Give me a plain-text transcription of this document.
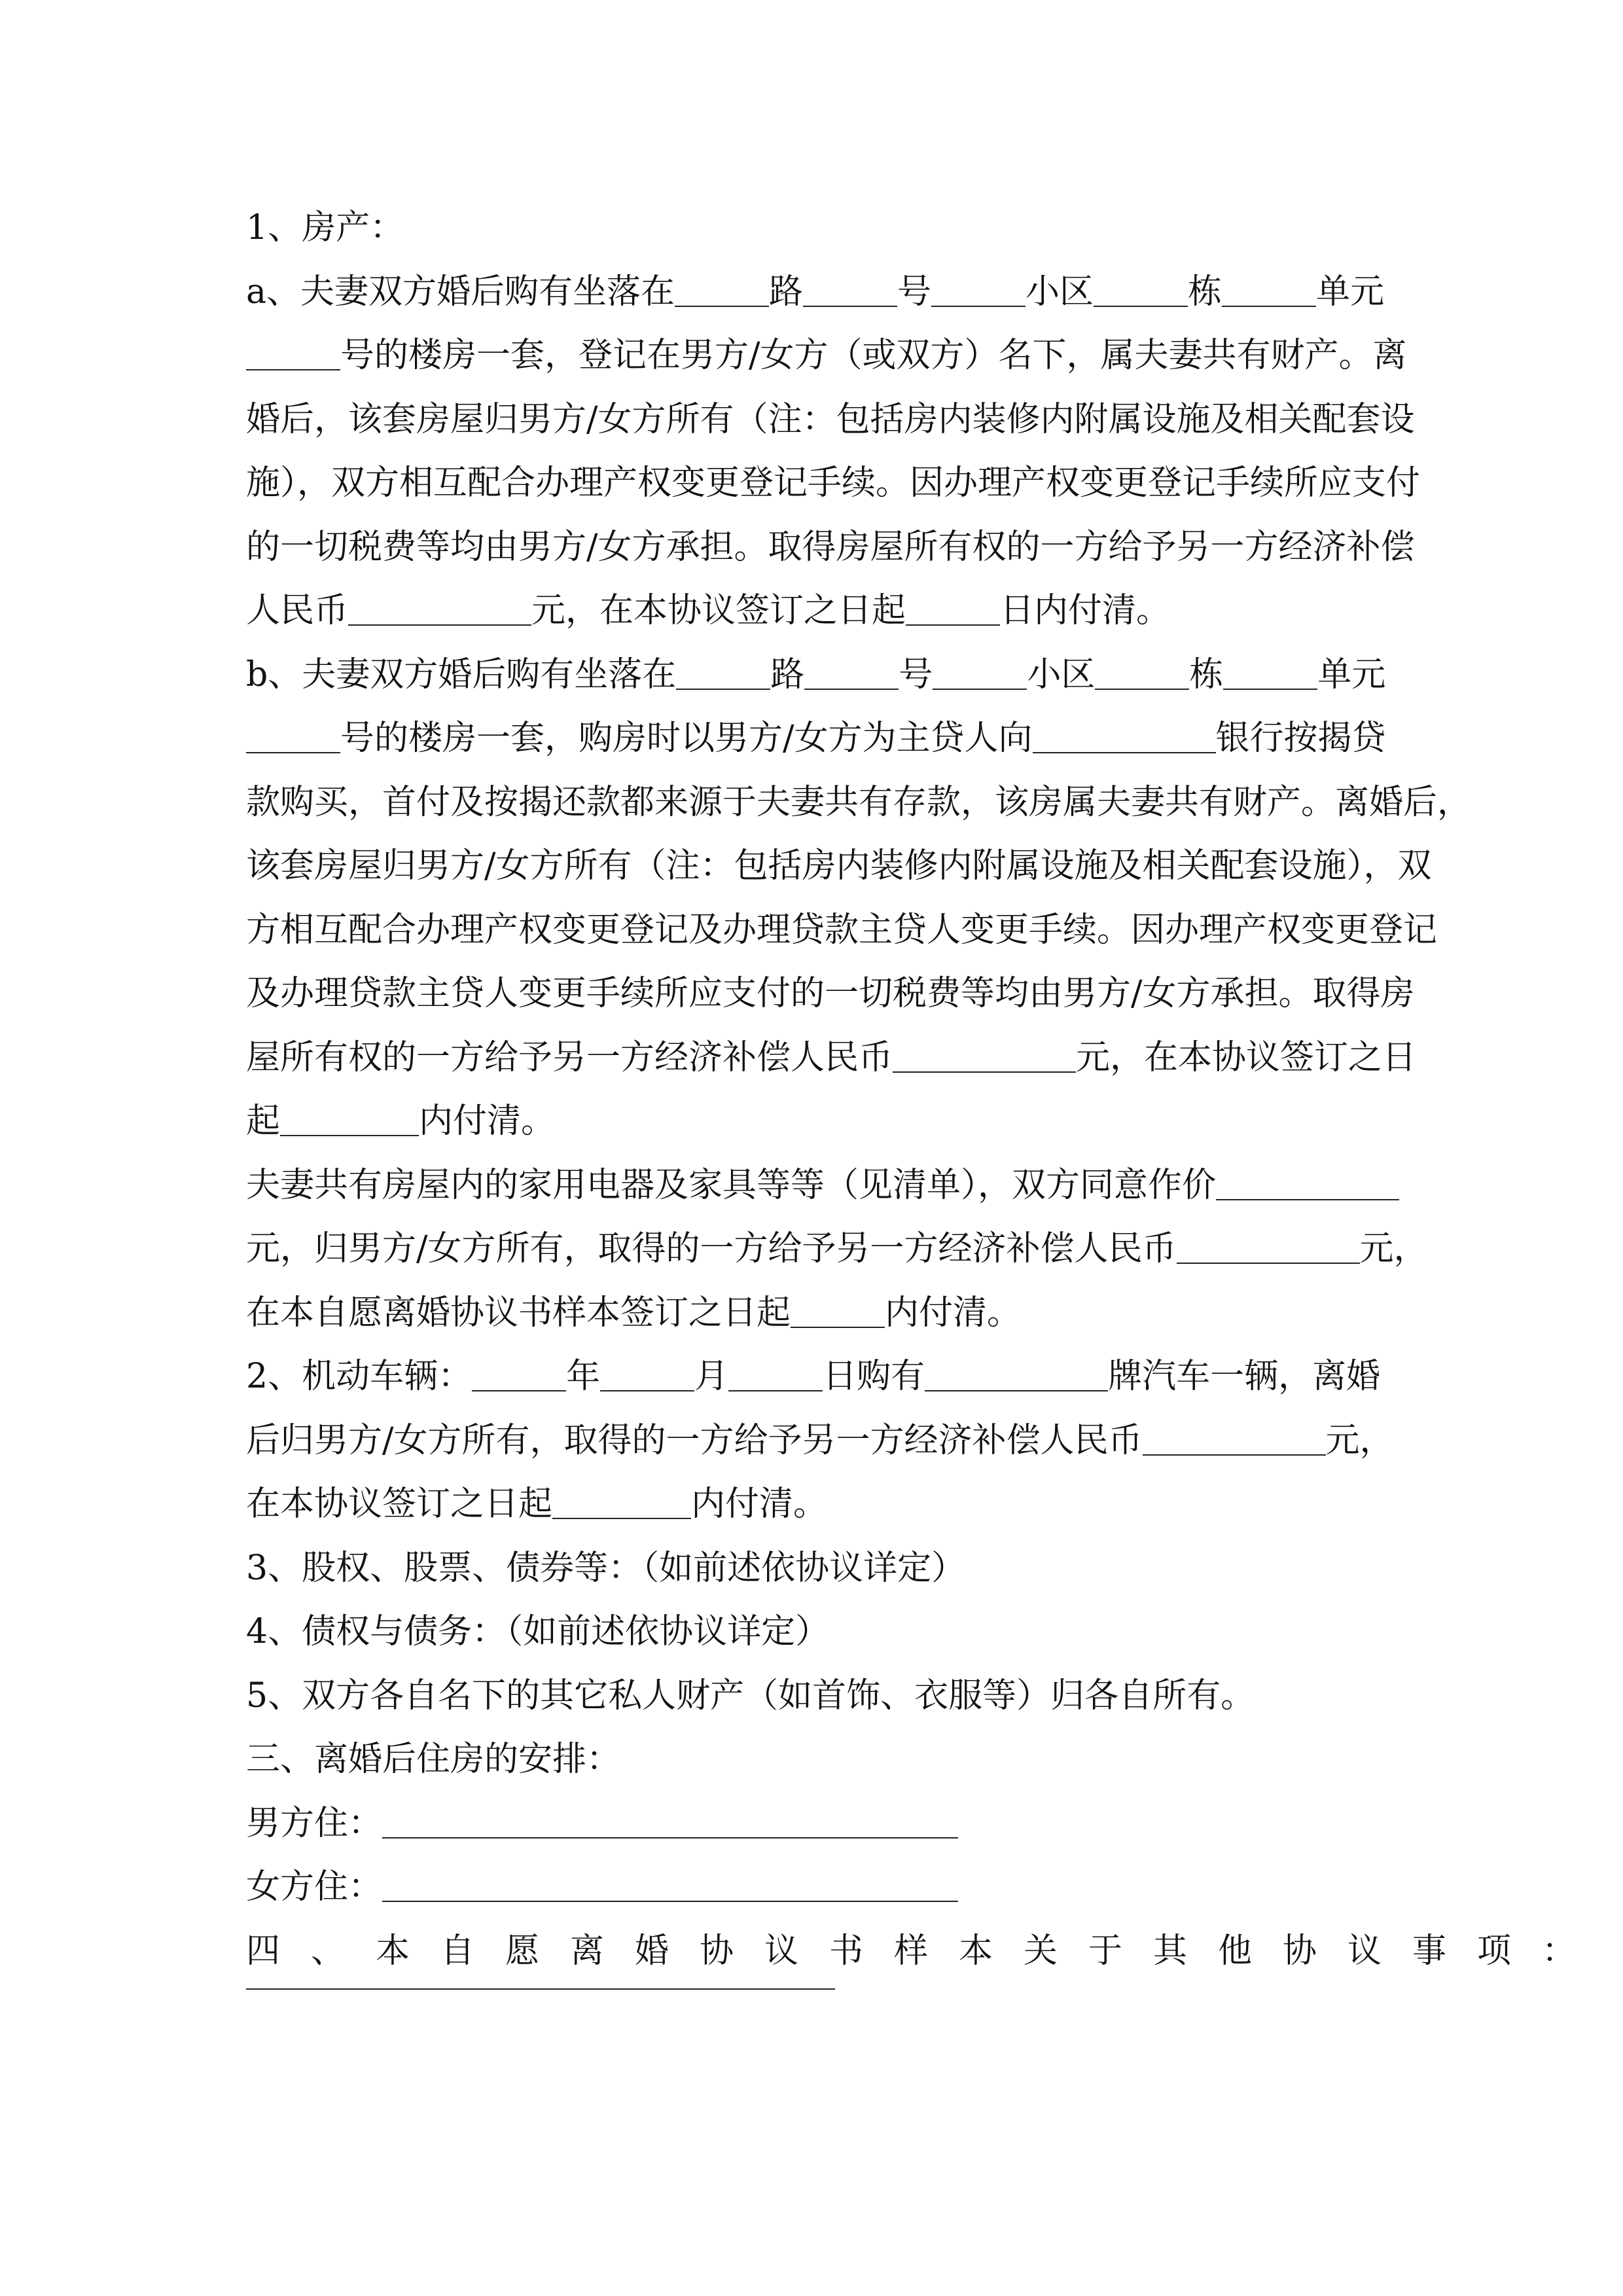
1、房产：
a、夫妻双方婚后购有坐落在	路	号	小区	栋	单元
号的楼房一套，登记在男方/女方（或双方）名下，属夫妻共有财产。离
婚后，该套房屋归男方/女方所有（注：包括房内装修内附属设施及相关配套设
施），双方相互配合办理产权变更登记手续。因办理产权变更登记手续所应支付
的一切税费等均由男方/女方承担。取得房屋所有权的一方给予另一方经济补偿
人民币	元，在本协议签订之日起	日内付清。
b、夫妻双方婚后购有坐落在	路	号	小区	栋	单元
号的楼房一套，购房时以男方/女方为主贷人向	银行按揭贷
款购买，首付及按揭还款都来源于夫妻共有存款，该房属夫妻共有财产。离婚后，
该套房屋归男方/女方所有（注：包括房内装修内附属设施及相关配套设施），双
方相互配合办理产权变更登记及办理贷款主贷人变更手续。因办理产权变更登记
及办理贷款主贷人变更手续所应支付的一切税费等均由男方/女方承担。取得房
屋所有权的一方给予另一方经济补偿人民币	元，在本协议签订之日
起	内付清。
夫妻共有房屋内的家用电器及家具等等（见清单），双方同意作价
元，归男方/女方所有，取得的一方给予另一方经济补偿人民币	元，
在本自愿离婚协议书样本签订之日起	内付清。
2、机动车辆：	年	月	日购有	牌汽车一辆，离婚
后归男方/女方所有，取得的一方给予另一方经济补偿人民币	元，
在本协议签订之日起	内付清。
3、股权、股票、债券等：（如前述依协议详定）
4、债权与债务：（如前述依协议详定）
5、双方各自名下的其它私人财产（如首饰、衣服等）归各自所有。
三、离婚后住房的安排：
男方住：
女方住：
四、本自愿离婚协议书样本关于其他协议事项：
